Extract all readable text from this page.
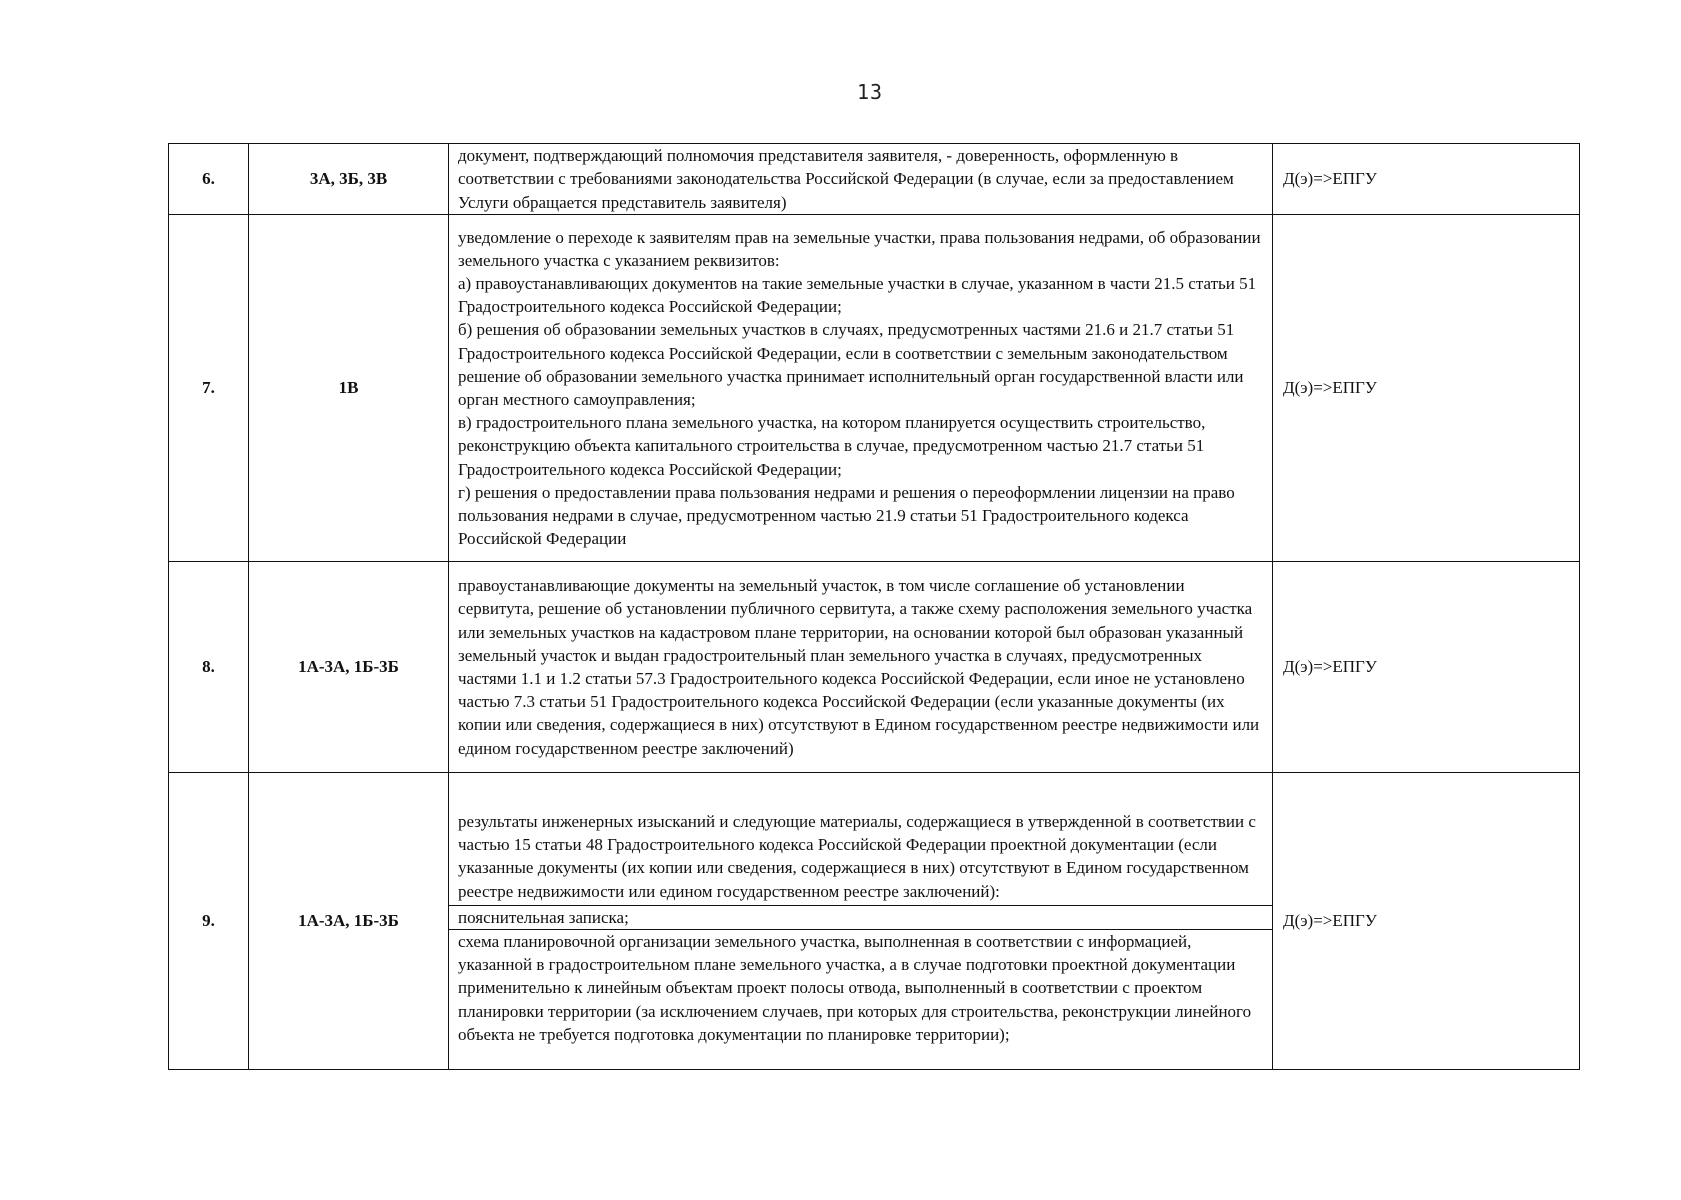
13
6.	3А, 3Б, 3В	документ, подтверждающий полномочия представителя заявителя, - доверенность, оформленную в соответствии с требованиями законодательства Российской Федерации (в случае, если за предоставлением Услуги обращается представитель заявителя)	Д(э)=>ЕПГУ
7.	1В	уведомление о переходе к заявителям прав на земельные участки, права пользования недрами, об образовании земельного участка с указанием реквизитов:
а) правоустанавливающих документов на такие земельные участки в случае, указанном в части 21.5 статьи 51 Градостроительного кодекса Российской Федерации;
б) решения об образовании земельных участков в случаях, предусмотренных частями 21.6 и 21.7 статьи 51 Градостроительного кодекса Российской Федерации, если в соответствии с земельным законодательством решение об образовании земельного участка принимает исполнительный орган государственной власти или орган местного самоуправления;
в) градостроительного плана земельного участка, на котором планируется осуществить строительство, реконструкцию объекта капитального строительства в случае, предусмотренном частью 21.7 статьи 51 Градостроительного кодекса Российской Федерации;
г) решения о предоставлении права пользования недрами и решения о переоформлении лицензии на право пользования недрами в случае, предусмотренном частью 21.9 статьи 51 Градостроительного кодекса Российской Федерации	Д(э)=>ЕПГУ
8.	1А-3А, 1Б-3Б	правоустанавливающие документы на земельный участок, в том числе соглашение об установлении сервитута, решение об установлении публичного сервитута, а также схему расположения земельного участка или земельных участков на кадастровом плане территории, на основании которой был образован указанный земельный участок и выдан градостроительный план земельного участка в случаях, предусмотренных частями 1.1 и 1.2 статьи 57.3 Градостроительного кодекса Российской Федерации, если иное не установлено частью 7.3 статьи 51 Градостроительного кодекса Российской Федерации (если указанные документы (их копии или сведения, содержащиеся в них) отсутствуют в Едином государственном реестре недвижимости или едином государственном реестре заключений)	Д(э)=>ЕПГУ
9.	1А-3А, 1Б-3Б	результаты инженерных изысканий и следующие материалы, содержащиеся в утвержденной в соответствии с частью 15 статьи 48 Градостроительного кодекса Российской Федерации проектной документации (если указанные документы (их копии или сведения, содержащиеся в них) отсутствуют в Едином государственном реестре недвижимости или едином государственном реестре заключений):
пояснительная записка;
схема планировочной организации земельного участка, выполненная в соответствии с информацией, указанной в градостроительном плане земельного участка, а в случае подготовки проектной документации применительно к линейным объектам проект полосы отвода, выполненный в соответствии с проектом планировки территории (за исключением случаев, при которых для строительства, реконструкции линейного объекта не требуется подготовка документации по планировке территории);	Д(э)=>ЕПГУ
